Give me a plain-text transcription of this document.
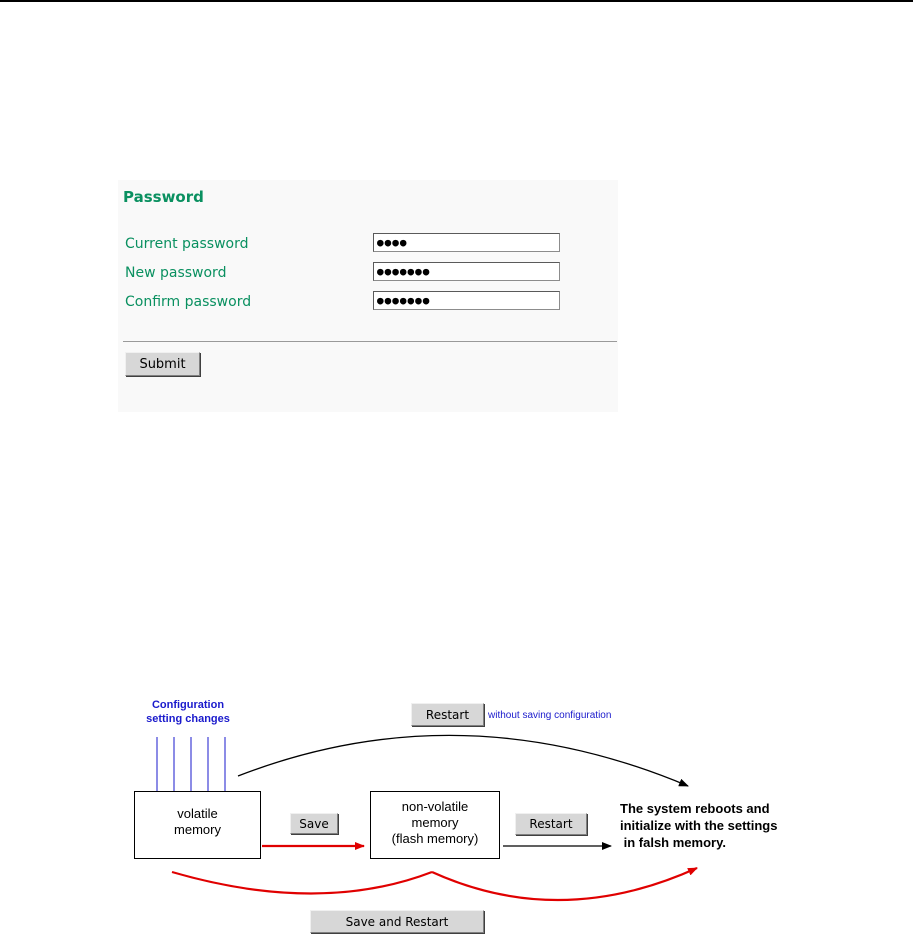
Password
Current password	●●●●
New password	●●●●●●●
Confirm password	●●●●●●●
Submit
Configuration
setting changes
volatile
memory
non-volatile
memory
(flash memory)
Restart	without saving configuration
Save	Restart
Save and Restart
The system reboots and
initialize with the settings
in falsh memory.
